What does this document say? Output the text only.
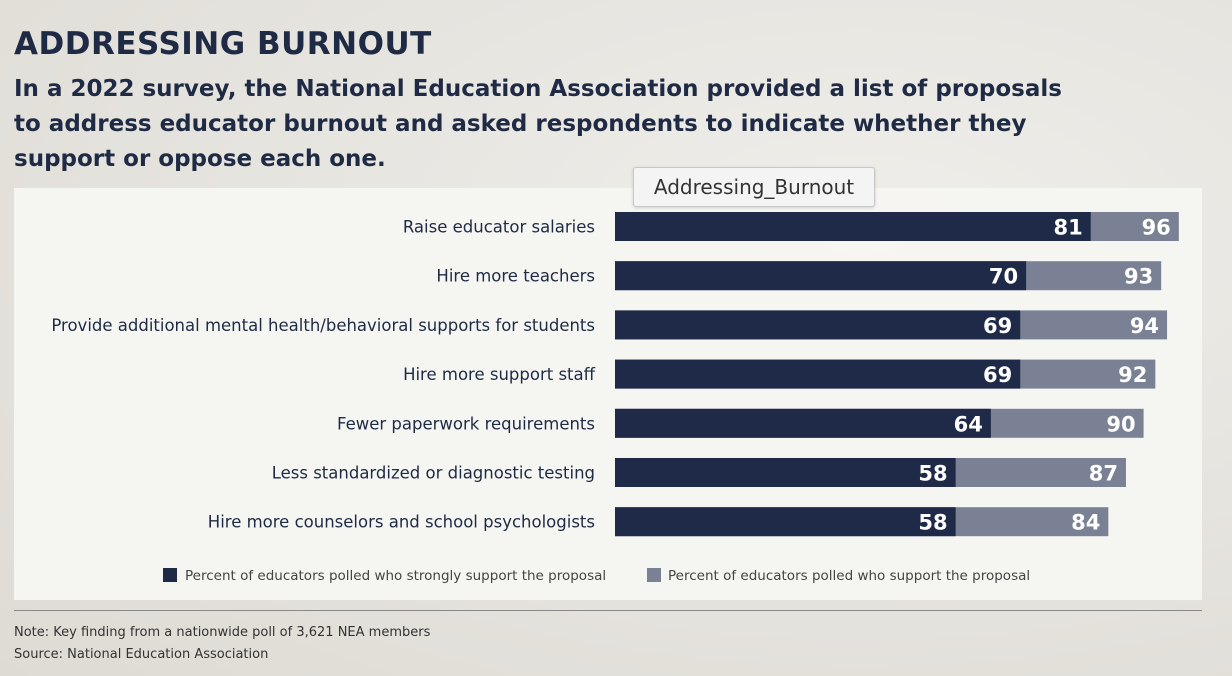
ADDRESSING BURNOUT
In a 2022 survey, the National Education Association provided a list of proposals to address educator burnout and asked respondents to indicate whether they support or oppose each one.
Raise educator salaries	81	96
Hire more teachers	70	93
Provide additional mental health/behavioral supports for students	69	94
Hire more support staff	69	92
Fewer paperwork requirements	64	90
Less standardized or diagnostic testing	58	87
Hire more counselors and school psychologists	58	84
Percent of educators polled who strongly support the proposal	Percent of educators polled who support the proposal
Addressing_Burnout
Note: Key finding from a nationwide poll of 3,621 NEA members
Source: National Education Association
